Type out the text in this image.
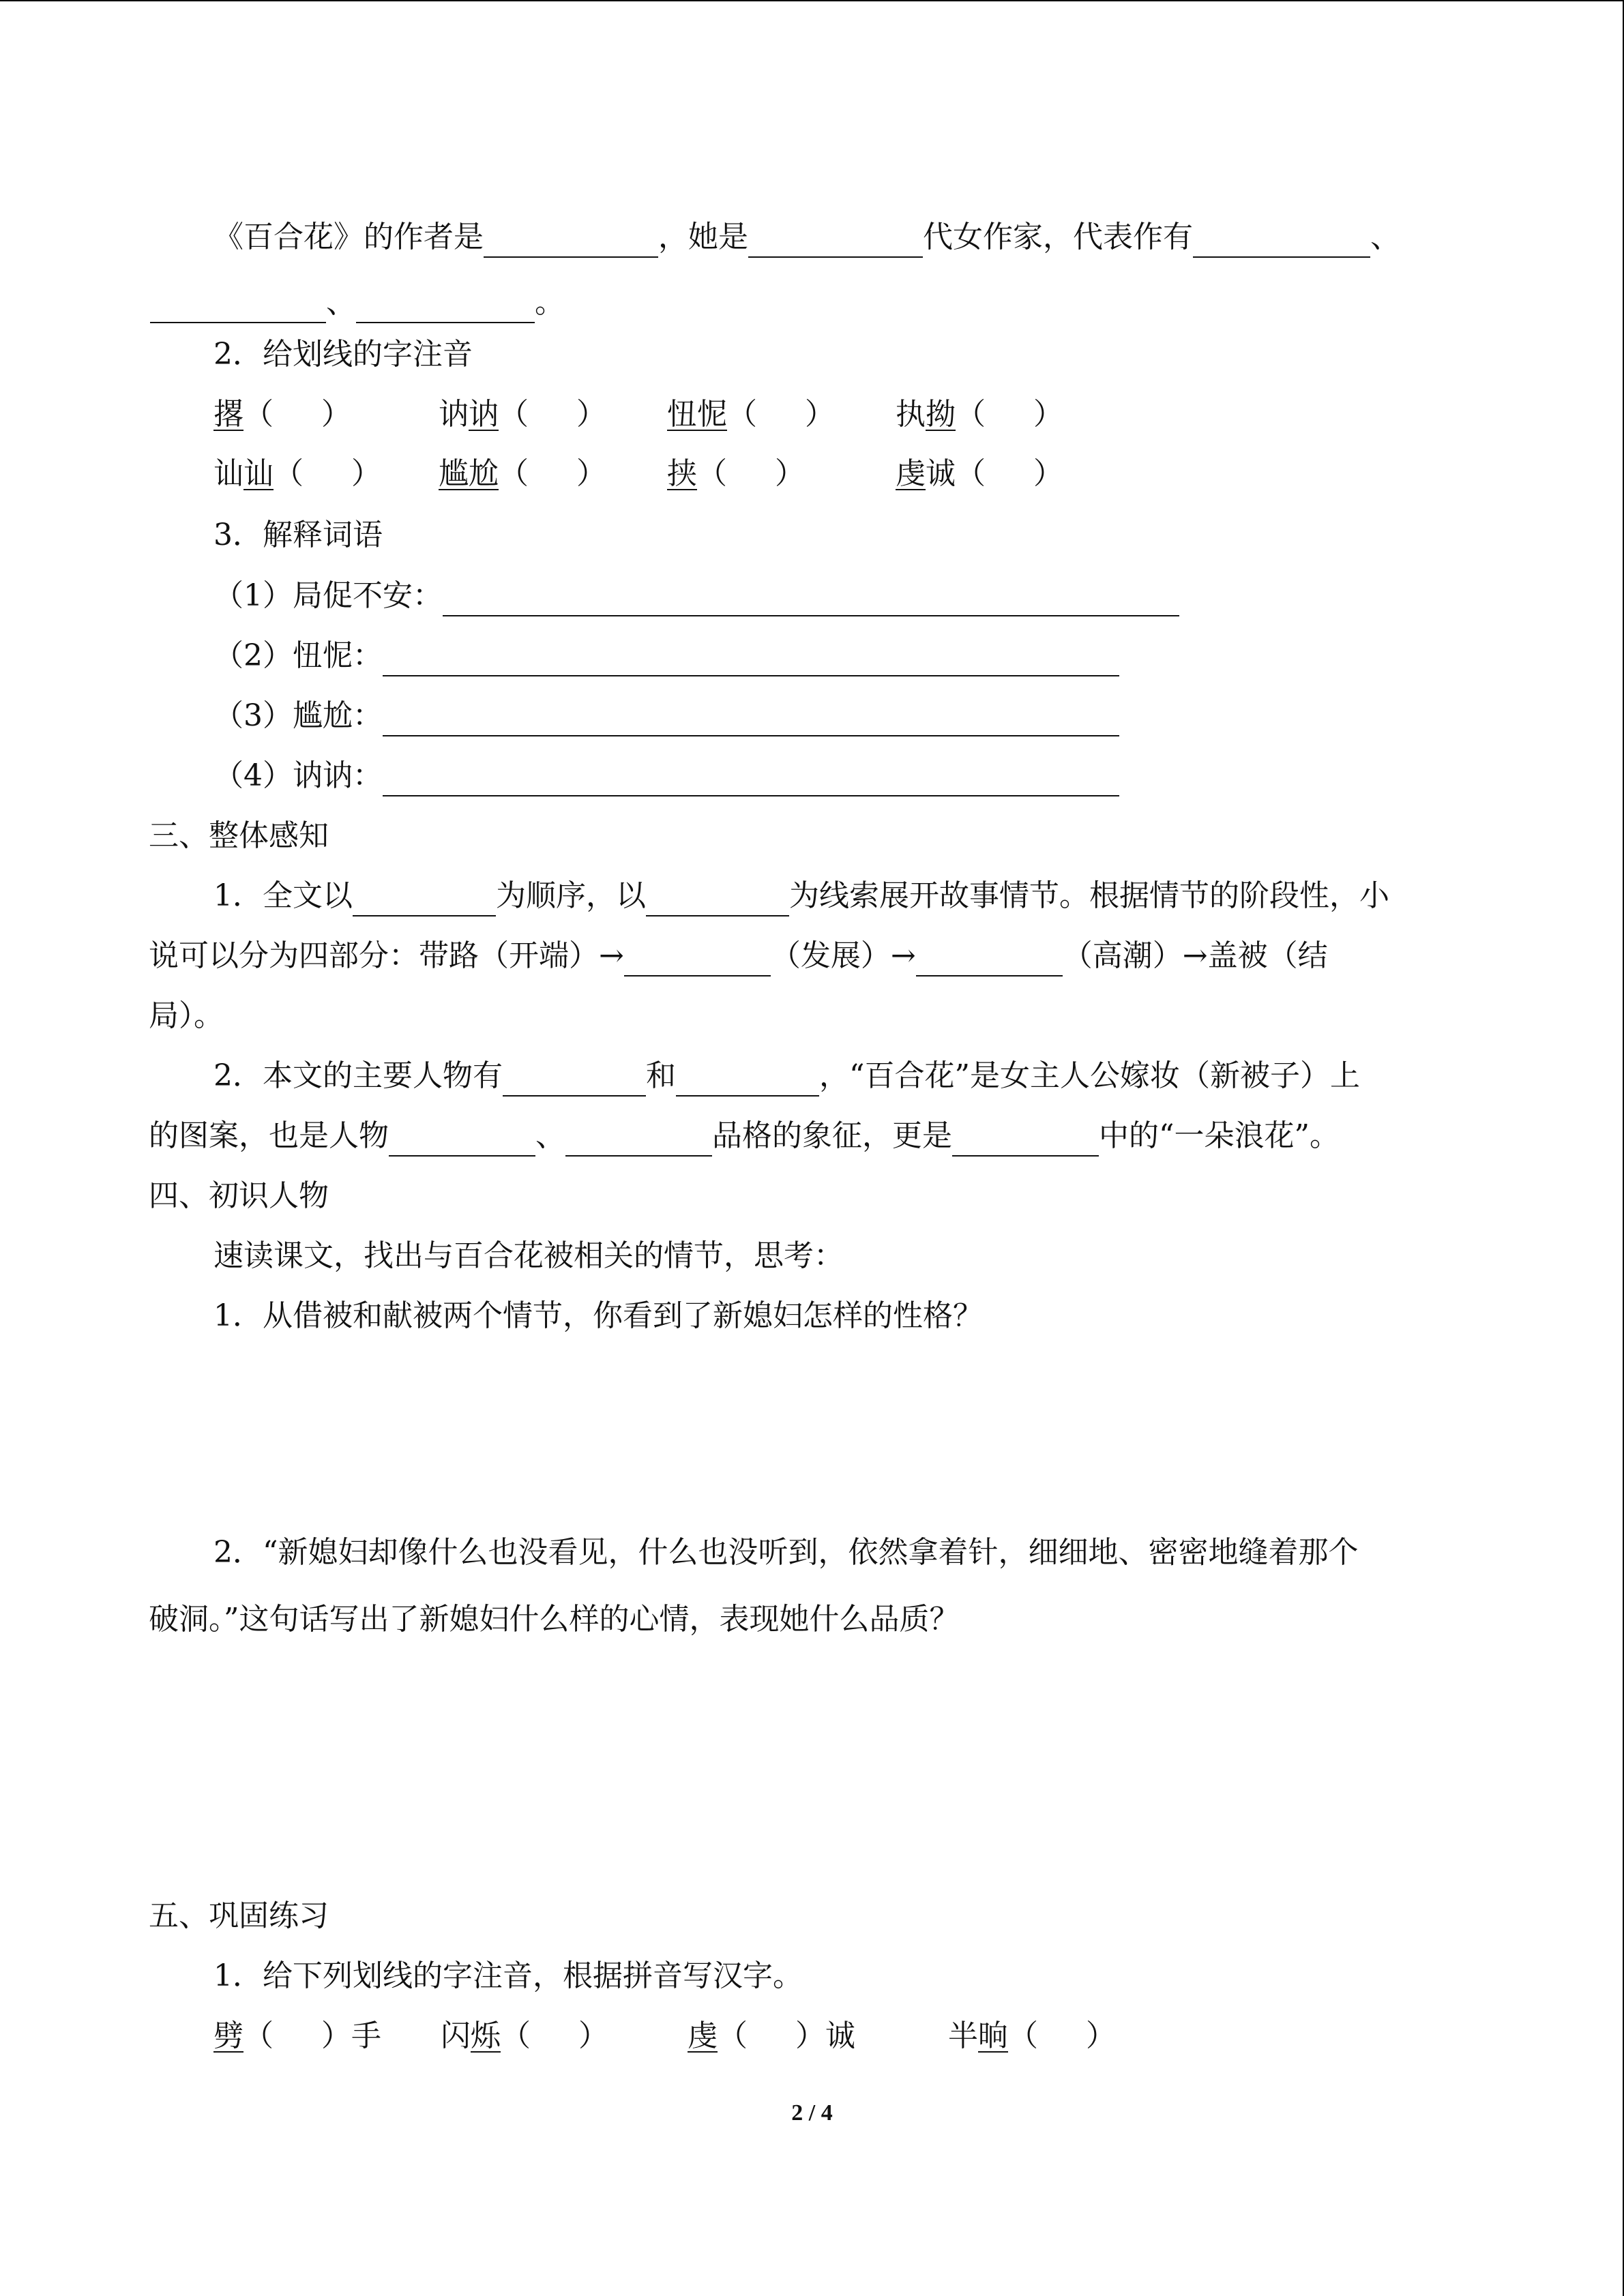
《百合花》的作者是	，她是	代女作家，代表作有	、
、	。
2．给划线的字注音
撂（ ）	讷讷（ ） 忸怩（ ） 执拗（ ）
讪讪（ ） 尴尬（ ） 挟（ ）	虔诚（ ）
3．解释词语
（1）局促不安：
（2）忸怩：
（3）尴尬：
（4）讷讷：
三、整体感知
1．全文以	为顺序，以	为线索展开故事情节。根据情节的阶段性，小
说可以分为四部分：带路（开端）→	（发展）→	（高潮）→盖被（结
局）。
2．本文的主要人物有	和	，“百合花”是女主人公嫁妆（新被子）上
的图案，也是人物	、	品格的象征，更是	中的“一朵浪花”。
四、初识人物
速读课文，找出与百合花被相关的情节，思考：
1．从借被和献被两个情节，你看到了新媳妇怎样的性格？
2．“新媳妇却像什么也没看见，什么也没听到，依然拿着针，细细地、密密地缝着那个
破洞。”这句话写出了新媳妇什么样的心情，表现她什么品质？
五、巩固练习
1．给下列划线的字注音，根据拼音写汉字。
劈（ ）手 闪烁（ ）	虔（ ）诚	半晌（ ）
2 / 4
